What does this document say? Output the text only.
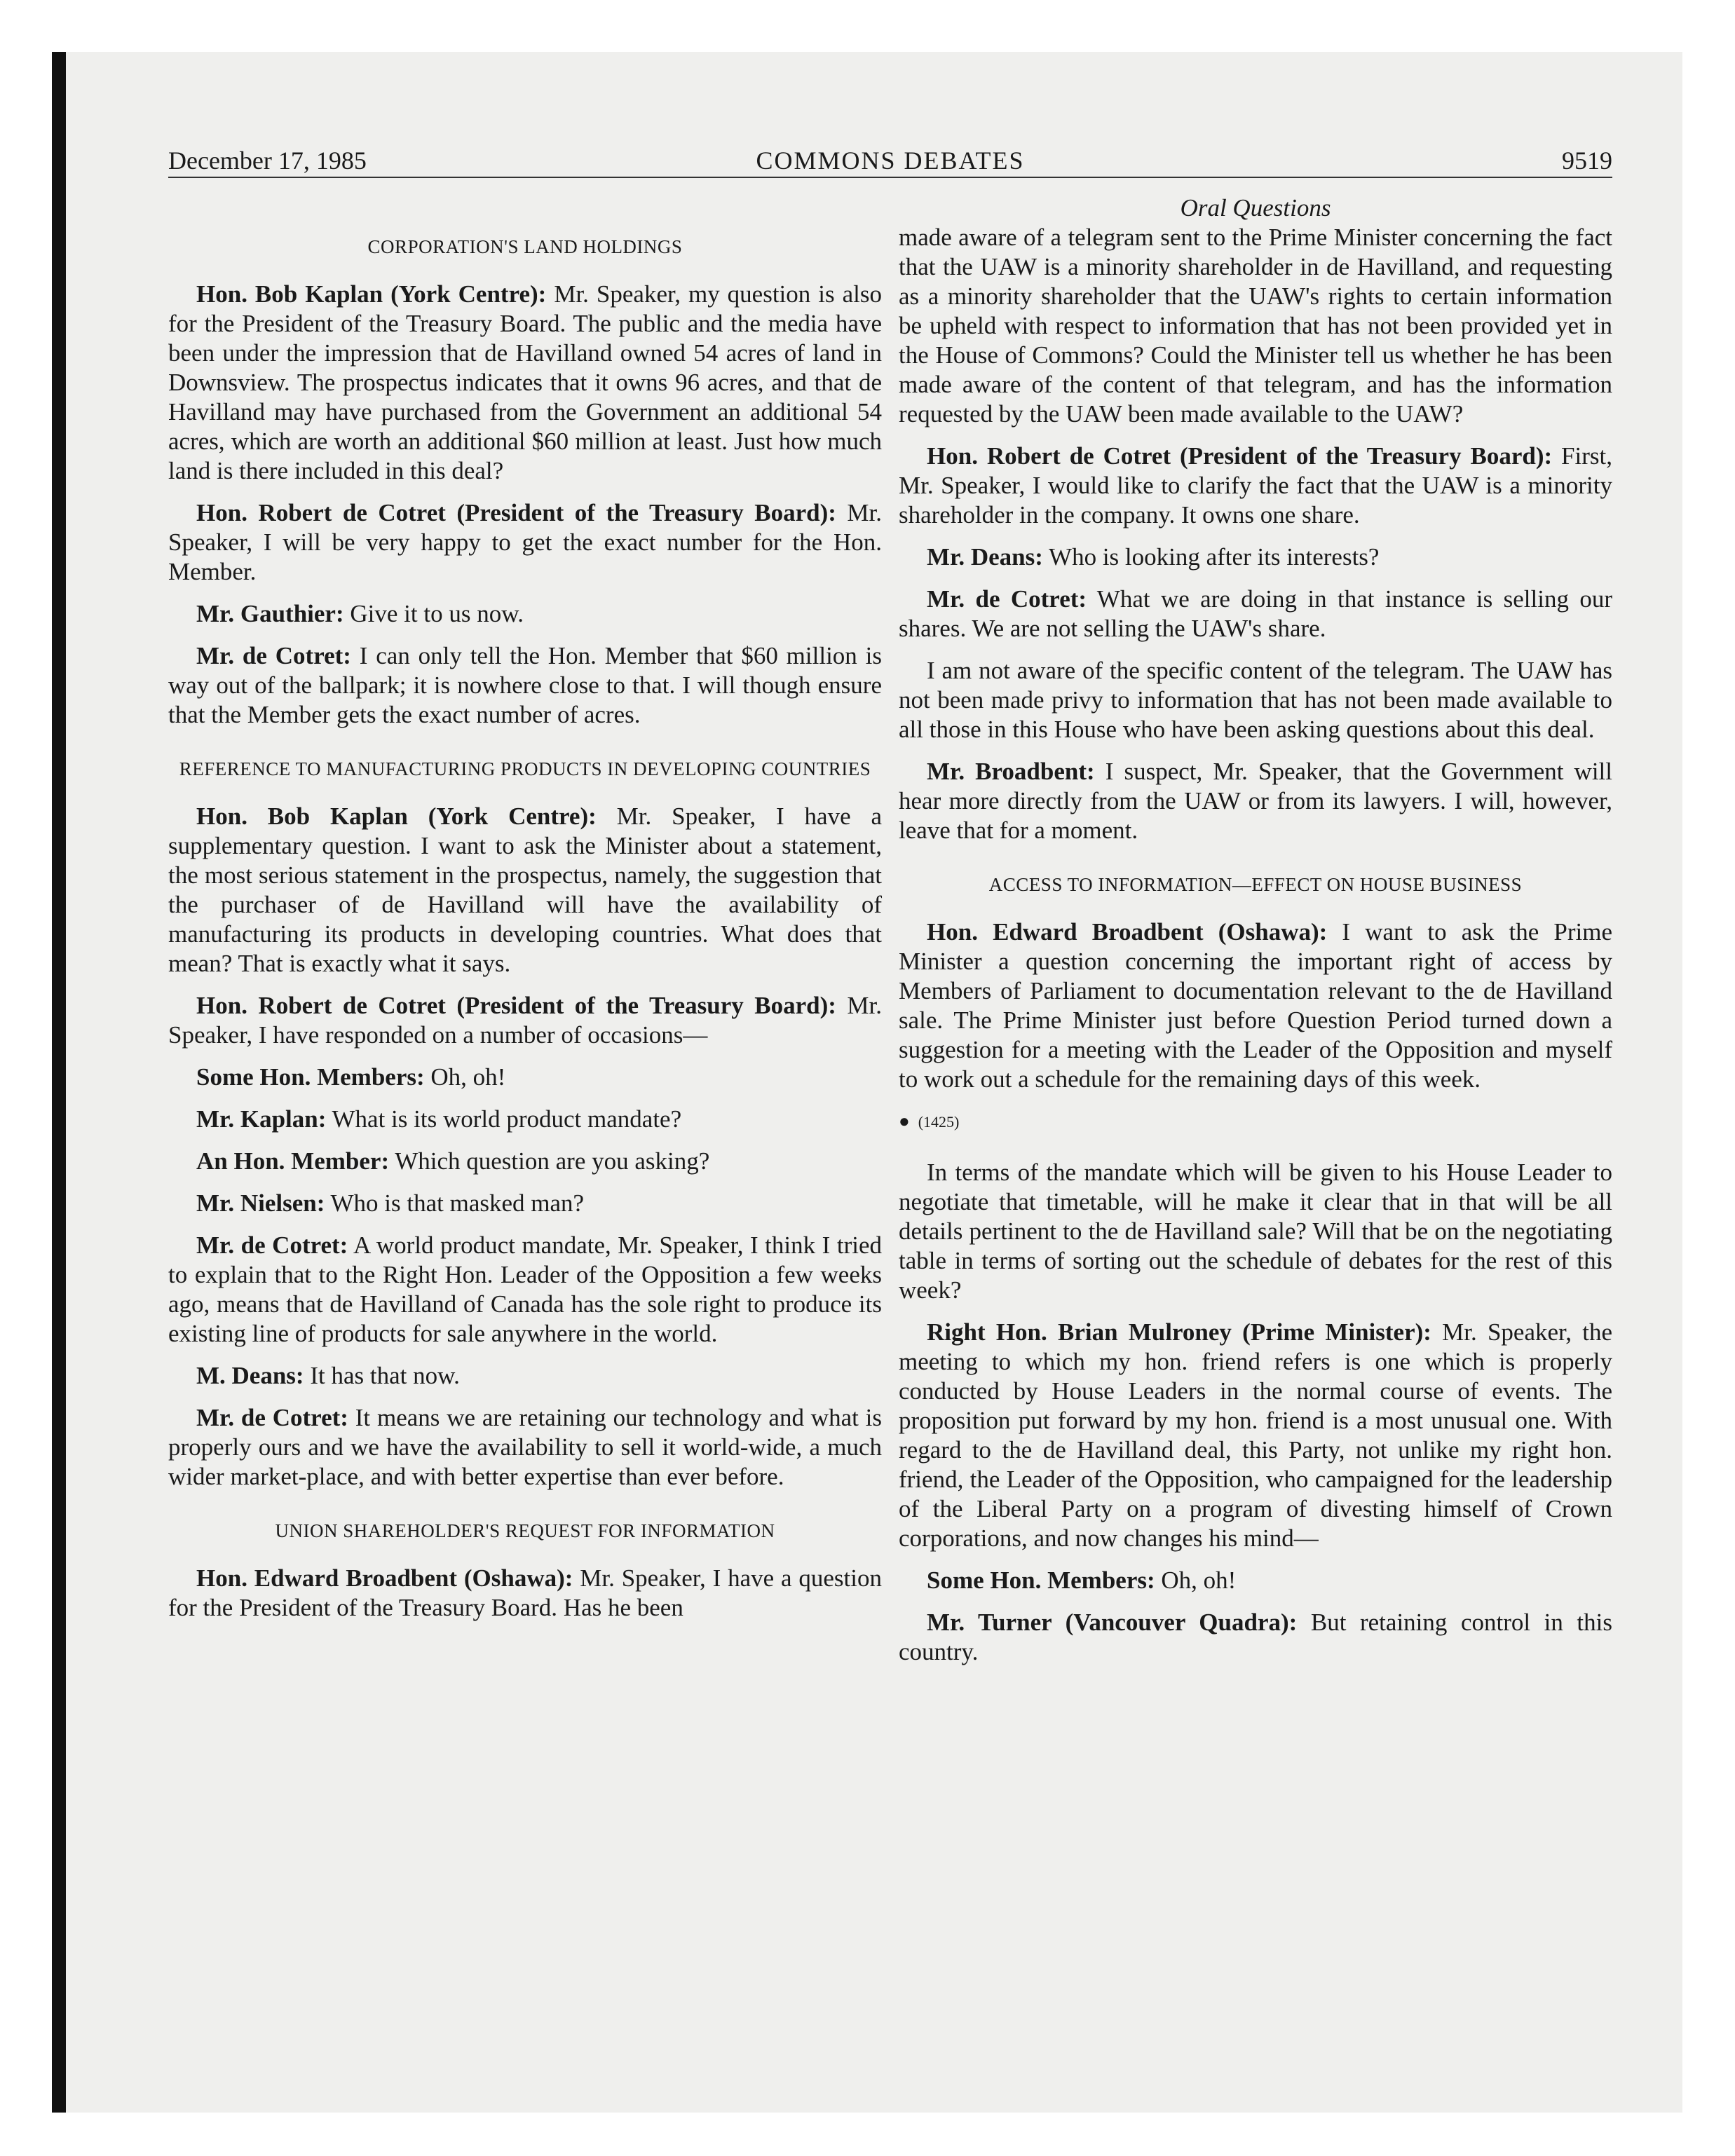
December 17, 1985	COMMONS DEBATES	9519
CORPORATION'S LAND HOLDINGS

Hon. Bob Kaplan (York Centre): Mr. Speaker, my question is also for the President of the Treasury Board. The public and the media have been under the impression that de Havilland owned 54 acres of land in Downsview. The prospectus indicates that it owns 96 acres, and that de Havilland may have purchased from the Government an additional 54 acres, which are worth an additional $60 million at least. Just how much land is there included in this deal?

Hon. Robert de Cotret (President of the Treasury Board): Mr. Speaker, I will be very happy to get the exact number for the Hon. Member.

Mr. Gauthier: Give it to us now.

Mr. de Cotret: I can only tell the Hon. Member that $60 million is way out of the ballpark; it is nowhere close to that. I will though ensure that the Member gets the exact number of acres.

REFERENCE TO MANUFACTURING PRODUCTS IN DEVELOPING COUNTRIES

Hon. Bob Kaplan (York Centre): Mr. Speaker, I have a supplementary question. I want to ask the Minister about a statement, the most serious statement in the prospectus, namely, the suggestion that the purchaser of de Havilland will have the availability of manufacturing its products in developing countries. What does that mean? That is exactly what it says.

Hon. Robert de Cotret (President of the Treasury Board): Mr. Speaker, I have responded on a number of occasions—

Some Hon. Members: Oh, oh!

Mr. Kaplan: What is its world product mandate?

An Hon. Member: Which question are you asking?

Mr. Nielsen: Who is that masked man?

Mr. de Cotret: A world product mandate, Mr. Speaker, I think I tried to explain that to the Right Hon. Leader of the Opposition a few weeks ago, means that de Havilland of Canada has the sole right to produce its existing line of products for sale anywhere in the world.

M. Deans: It has that now.

Mr. de Cotret: It means we are retaining our technology and what is properly ours and we have the availability to sell it world-wide, a much wider market-place, and with better expertise than ever before.

UNION SHAREHOLDER'S REQUEST FOR INFORMATION

Hon. Edward Broadbent (Oshawa): Mr. Speaker, I have a question for the President of the Treasury Board. Has he been

Oral Questions

made aware of a telegram sent to the Prime Minister concerning the fact that the UAW is a minority shareholder in de Havilland, and requesting as a minority shareholder that the UAW's rights to certain information be upheld with respect to information that has not been provided yet in the House of Commons? Could the Minister tell us whether he has been made aware of the content of that telegram, and has the information requested by the UAW been made available to the UAW?

Hon. Robert de Cotret (President of the Treasury Board): First, Mr. Speaker, I would like to clarify the fact that the UAW is a minority shareholder in the company. It owns one share.

Mr. Deans: Who is looking after its interests?

Mr. de Cotret: What we are doing in that instance is selling our shares. We are not selling the UAW's share.

I am not aware of the specific content of the telegram. The UAW has not been made privy to information that has not been made available to all those in this House who have been asking questions about this deal.

Mr. Broadbent: I suspect, Mr. Speaker, that the Government will hear more directly from the UAW or from its lawyers. I will, however, leave that for a moment.

ACCESS TO INFORMATION—EFFECT ON HOUSE BUSINESS

Hon. Edward Broadbent (Oshawa): I want to ask the Prime Minister a question concerning the important right of access by Members of Parliament to documentation relevant to the de Havilland sale. The Prime Minister just before Question Period turned down a suggestion for a meeting with the Leader of the Opposition and myself to work out a schedule for the remaining days of this week.

● (1425)

In terms of the mandate which will be given to his House Leader to negotiate that timetable, will he make it clear that in that will be all details pertinent to the de Havilland sale? Will that be on the negotiating table in terms of sorting out the schedule of debates for the rest of this week?

Right Hon. Brian Mulroney (Prime Minister): Mr. Speaker, the meeting to which my hon. friend refers is one which is properly conducted by House Leaders in the normal course of events. The proposition put forward by my hon. friend is a most unusual one. With regard to the de Havilland deal, this Party, not unlike my right hon. friend, the Leader of the Opposition, who campaigned for the leadership of the Liberal Party on a program of divesting himself of Crown corporations, and now changes his mind—

Some Hon. Members: Oh, oh!

Mr. Turner (Vancouver Quadra): But retaining control in this country.
